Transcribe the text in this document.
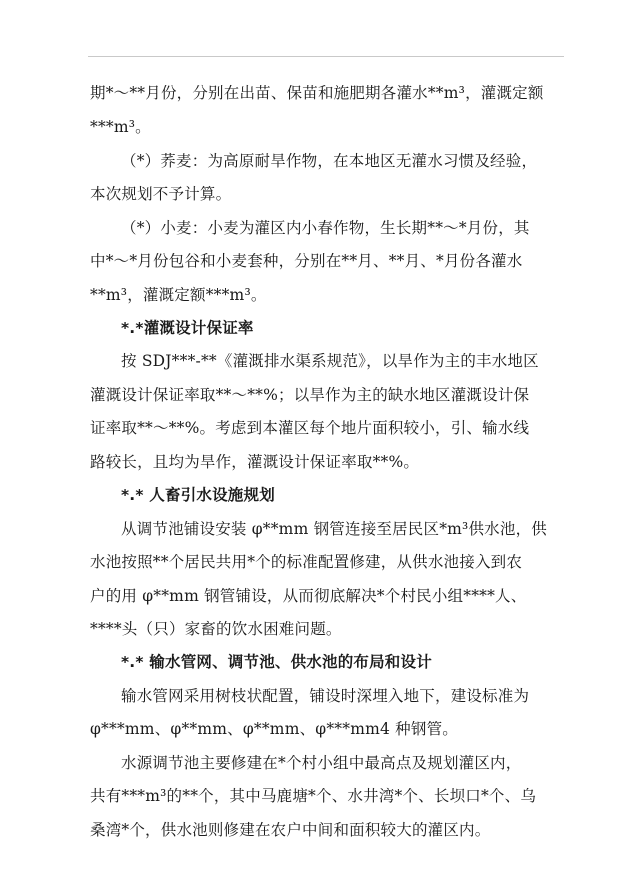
期*～**月份，分别在出苗、保苗和施肥期各灌水**m³，灌溉定额
***m³。
（*）荞麦：为高原耐旱作物，在本地区无灌水习惯及经验，
本次规划不予计算。
（*）小麦：小麦为灌区内小春作物，生长期**～*月份，其
中*～*月份包谷和小麦套种，分别在**月、**月、*月份各灌水
**m³，灌溉定额***m³。
*.*灌溉设计保证率
按 SDJ***-**《灌溉排水渠系规范》，以旱作为主的丰水地区
灌溉设计保证率取**～**%；以旱作为主的缺水地区灌溉设计保
证率取**～**%。考虑到本灌区每个地片面积较小，引、输水线
路较长，且均为旱作，灌溉设计保证率取**%。
*.* 人畜引水设施规划
从调节池铺设安装 φ**mm 钢管连接至居民区*m³供水池，供
水池按照**个居民共用*个的标准配置修建，从供水池接入到农
户的用 φ**mm 钢管铺设，从而彻底解决*个村民小组****人、
****头（只）家畜的饮水困难问题。
*.* 输水管网、调节池、供水池的布局和设计
输水管网采用树枝状配置，铺设时深埋入地下，建设标准为
φ***mm、φ**mm、φ**mm、φ***mm4 种钢管。
水源调节池主要修建在*个村小组中最高点及规划灌区内，
共有***m³的**个，其中马鹿塘*个、水井湾*个、长坝口*个、乌
桑湾*个，供水池则修建在农户中间和面积较大的灌区内。
